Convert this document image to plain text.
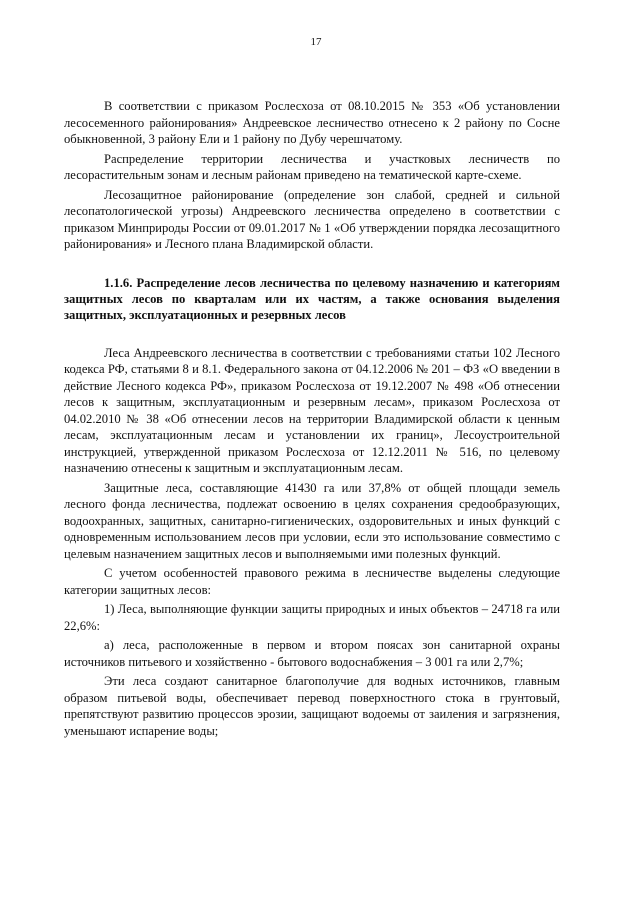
17

В соответствии с приказом Рослесхоза от 08.10.2015 № 353 «Об установлении лесосеменного районирования» Андреевское лесничество отнесено к 2 району по Сосне обыкновенной, 3 району Ели и 1 району по Дубу черешчатому.

Распределение территории лесничества и участковых лесничеств по лесорастительным зонам и лесным районам приведено на тематической карте-схеме.

Лесозащитное районирование (определение зон слабой, средней и сильной лесопатологической угрозы) Андреевского лесничества определено в соответствии с приказом Минприроды России от 09.01.2017 № 1 «Об утверждении порядка лесозащитного районирования» и Лесного плана Владимирской области.

1.1.6. Распределение лесов лесничества по целевому назначению и категориям защитных лесов по кварталам или их частям, а также основания выделения защитных, эксплуатационных и резервных лесов

Леса Андреевского лесничества в соответствии с требованиями статьи 102 Лесного кодекса РФ, статьями 8 и 8.1. Федерального закона от 04.12.2006 № 201 – ФЗ «О введении в действие Лесного кодекса РФ», приказом Рослесхоза от 19.12.2007 № 498 «Об отнесении лесов к защитным, эксплуатационным и резервным лесам», приказом Рослесхоза от 04.02.2010 № 38 «Об отнесении лесов на территории Владимирской области к ценным лесам, эксплуатационным лесам и установлении их границ», Лесоустроительной инструкцией, утвержденной приказом Рослесхоза от 12.12.2011 № 516, по целевому назначению отнесены к защитным и эксплуатационным лесам.

Защитные леса, составляющие 41430 га или 37,8% от общей площади земель лесного фонда лесничества, подлежат освоению в целях сохранения средообразующих, водоохранных, защитных, санитарно-гигиенических, оздоровительных и иных функций с одновременным использованием лесов при условии, если это использование совместимо с целевым назначением защитных лесов и выполняемыми ими полезных функций.

С учетом особенностей правового режима в лесничестве выделены следующие категории защитных лесов:

1) Леса, выполняющие функции защиты природных и иных объектов – 24718 га или 22,6%:

а) леса, расположенные в первом и втором поясах зон санитарной охраны источников питьевого и хозяйственно - бытового водоснабжения – 3 001 га или 2,7%;

Эти леса создают санитарное благополучие для водных источников, главным образом питьевой воды, обеспечивает перевод поверхностного стока в грунтовый, препятствуют развитию процессов эрозии, защищают водоемы от заиления и загрязнения, уменьшают испарение воды;
